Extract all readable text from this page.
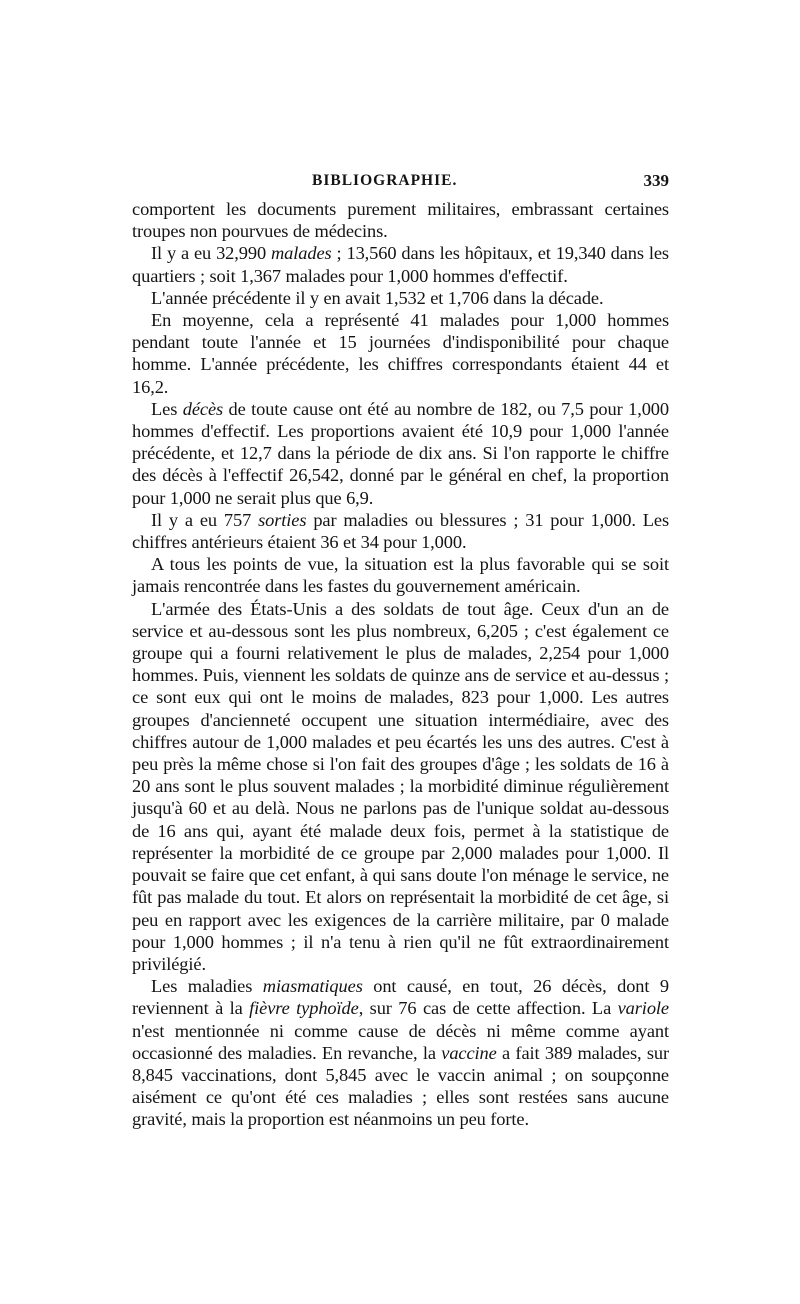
BIBLIOGRAPHIE.	339

comportent les documents purement militaires, embrassant certaines troupes non pourvues de médecins.

Il y a eu 32,990 malades ; 13,560 dans les hôpitaux, et 19,340 dans les quartiers ; soit 1,367 malades pour 1,000 hommes d'effectif.

L'année précédente il y en avait 1,532 et 1,706 dans la décade.

En moyenne, cela a représenté 41 malades pour 1,000 hommes pendant toute l'année et 15 journées d'indisponibilité pour chaque homme. L'année précédente, les chiffres correspondants étaient 44 et 16,2.

Les décès de toute cause ont été au nombre de 182, ou 7,5 pour 1,000 hommes d'effectif. Les proportions avaient été 10,9 pour 1,000 l'année précédente, et 12,7 dans la période de dix ans. Si l'on rapporte le chiffre des décès à l'effectif 26,542, donné par le général en chef, la proportion pour 1,000 ne serait plus que 6,9.

Il y a eu 757 sorties par maladies ou blessures ; 31 pour 1,000. Les chiffres antérieurs étaient 36 et 34 pour 1,000.

A tous les points de vue, la situation est la plus favorable qui se soit jamais rencontrée dans les fastes du gouvernement américain.

L'armée des États-Unis a des soldats de tout âge. Ceux d'un an de service et au-dessous sont les plus nombreux, 6,205 ; c'est également ce groupe qui a fourni relativement le plus de malades, 2,254 pour 1,000 hommes. Puis, viennent les soldats de quinze ans de service et au-dessus ; ce sont eux qui ont le moins de malades, 823 pour 1,000. Les autres groupes d'ancienneté occupent une situation intermédiaire, avec des chiffres autour de 1,000 malades et peu écartés les uns des autres. C'est à peu près la même chose si l'on fait des groupes d'âge ; les soldats de 16 à 20 ans sont le plus souvent malades ; la morbidité diminue régulièrement jusqu'à 60 et au delà. Nous ne parlons pas de l'unique soldat au-dessous de 16 ans qui, ayant été malade deux fois, permet à la statistique de représenter la morbidité de ce groupe par 2,000 malades pour 1,000. Il pouvait se faire que cet enfant, à qui sans doute l'on ménage le service, ne fût pas malade du tout. Et alors on représentait la morbidité de cet âge, si peu en rapport avec les exigences de la carrière militaire, par 0 malade pour 1,000 hommes ; il n'a tenu à rien qu'il ne fût extraordinairement privilégié.

Les maladies miasmatiques ont causé, en tout, 26 décès, dont 9 reviennent à la fièvre typhoïde, sur 76 cas de cette affection. La variole n'est mentionnée ni comme cause de décès ni même comme ayant occasionné des maladies. En revanche, la vaccine a fait 389 malades, sur 8,845 vaccinations, dont 5,845 avec le vaccin animal ; on soupçonne aisément ce qu'ont été ces maladies ; elles sont restées sans aucune gravité, mais la proportion est néanmoins un peu forte.
